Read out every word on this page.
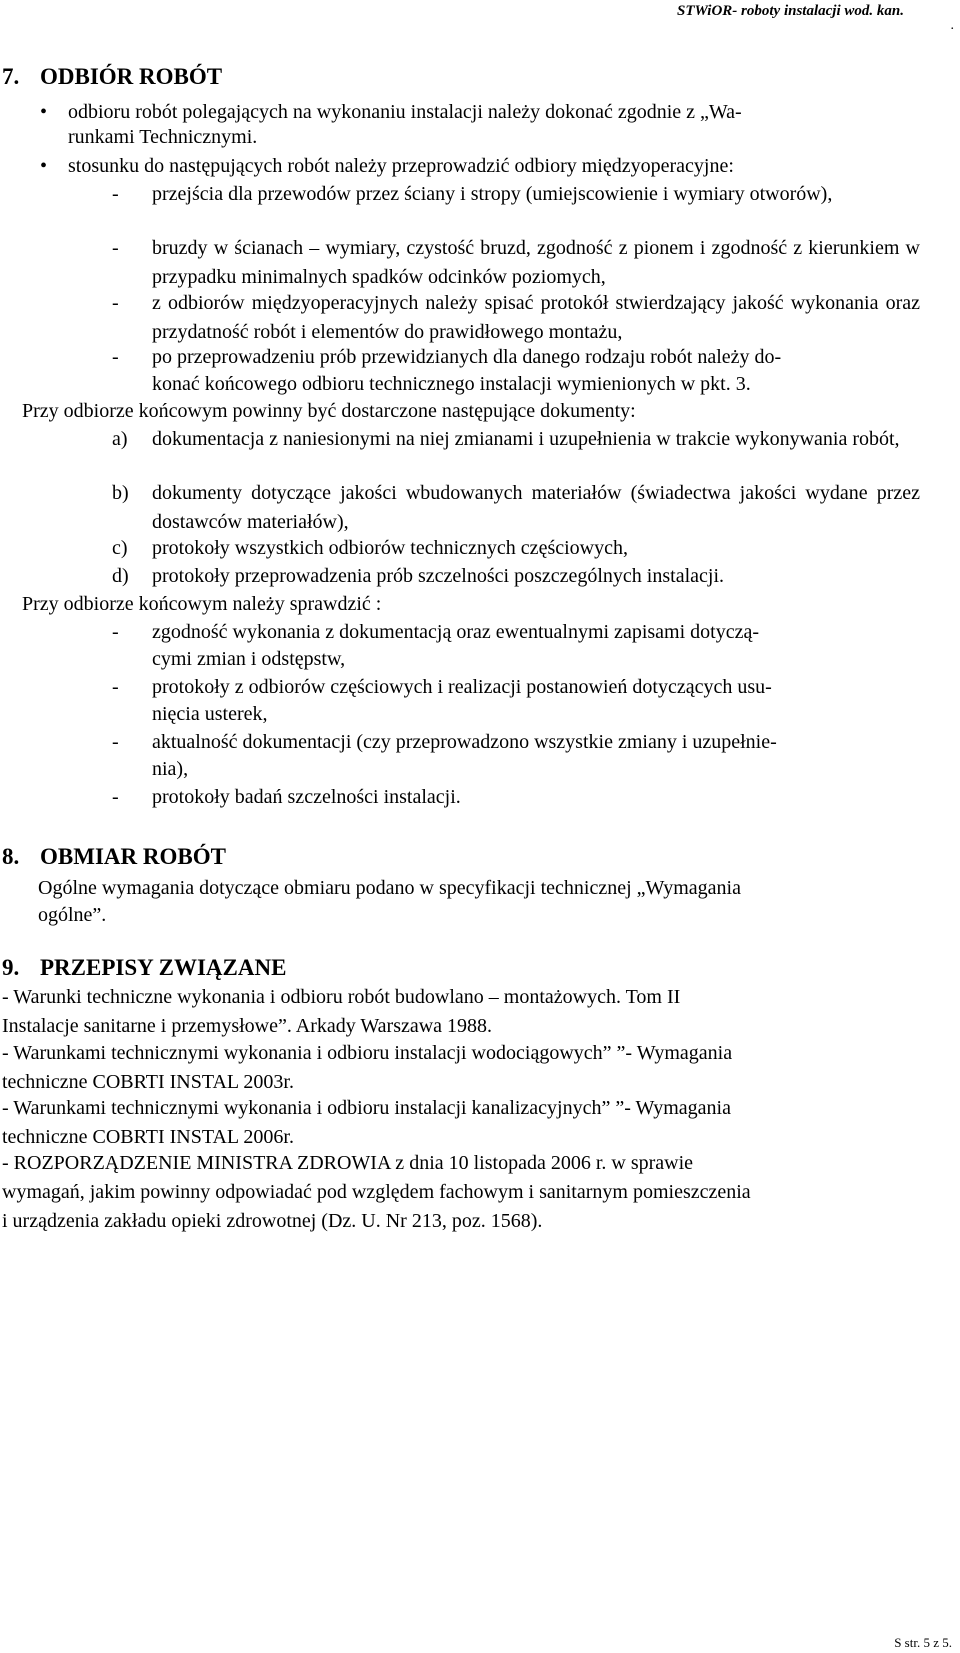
STWiOR- roboty instalacji wod. kan.
.
7. ODBIÓR ROBÓT
• odbioru robót polegających na wykonaniu instalacji należy dokonać zgodnie z „Wa-
runkami Technicznymi.
• stosunku do następujących robót należy przeprowadzić odbiory międzyoperacyjne:
- przejścia dla przewodów przez ściany i stropy (umiejscowienie i wymiary otworów),
- bruzdy w ścianach – wymiary, czystość bruzd, zgodność z pionem i zgodność z kierunkiem w przypadku minimalnych spadków odcinków poziomych,
- z odbiorów międzyoperacyjnych należy spisać protokół stwierdzający jakość wykonania oraz przydatność robót i elementów do prawidłowego montażu,
- po przeprowadzeniu prób przewidzianych dla danego rodzaju robót należy do-
konać końcowego odbioru technicznego instalacji wymienionych w pkt. 3.
Przy odbiorze końcowym powinny być dostarczone następujące dokumenty:
a) dokumentacja z naniesionymi na niej zmianami i uzupełnienia w trakcie wykonywania robót,
b) dokumenty dotyczące jakości wbudowanych materiałów (świadectwa jakości wydane przez dostawców materiałów),
c) protokoły wszystkich odbiorów technicznych częściowych,
d) protokoły przeprowadzenia prób szczelności poszczególnych instalacji.
Przy odbiorze końcowym należy sprawdzić :
- zgodność wykonania z dokumentacją oraz ewentualnymi zapisami dotyczą-
cymi zmian i odstępstw,
- protokoły z odbiorów częściowych i realizacji postanowień dotyczących usu-
nięcia usterek,
- aktualność dokumentacji (czy przeprowadzono wszystkie zmiany i uzupełnie-
nia),
- protokoły badań szczelności instalacji.
8. OBMIAR ROBÓT
Ogólne wymagania dotyczące obmiaru podano w specyfikacji technicznej „Wymagania
ogólne”.
9. PRZEPISY ZWIĄZANE
- Warunki techniczne wykonania i odbioru robót budowlano – montażowych. Tom II
Instalacje sanitarne i przemysłowe”. Arkady Warszawa 1988.
- Warunkami technicznymi wykonania i odbioru instalacji wodociągowych” ”- Wymagania
techniczne COBRTI INSTAL 2003r.
- Warunkami technicznymi wykonania i odbioru instalacji kanalizacyjnych” ”- Wymagania
techniczne COBRTI INSTAL 2006r.
- ROZPORZĄDZENIE MINISTRA ZDROWIA z dnia 10 listopada 2006 r. w sprawie
wymagań, jakim powinny odpowiadać pod względem fachowym i sanitarnym pomieszczenia
i urządzenia zakładu opieki zdrowotnej (Dz. U. Nr 213, poz. 1568).
S str. 5 z 5.
